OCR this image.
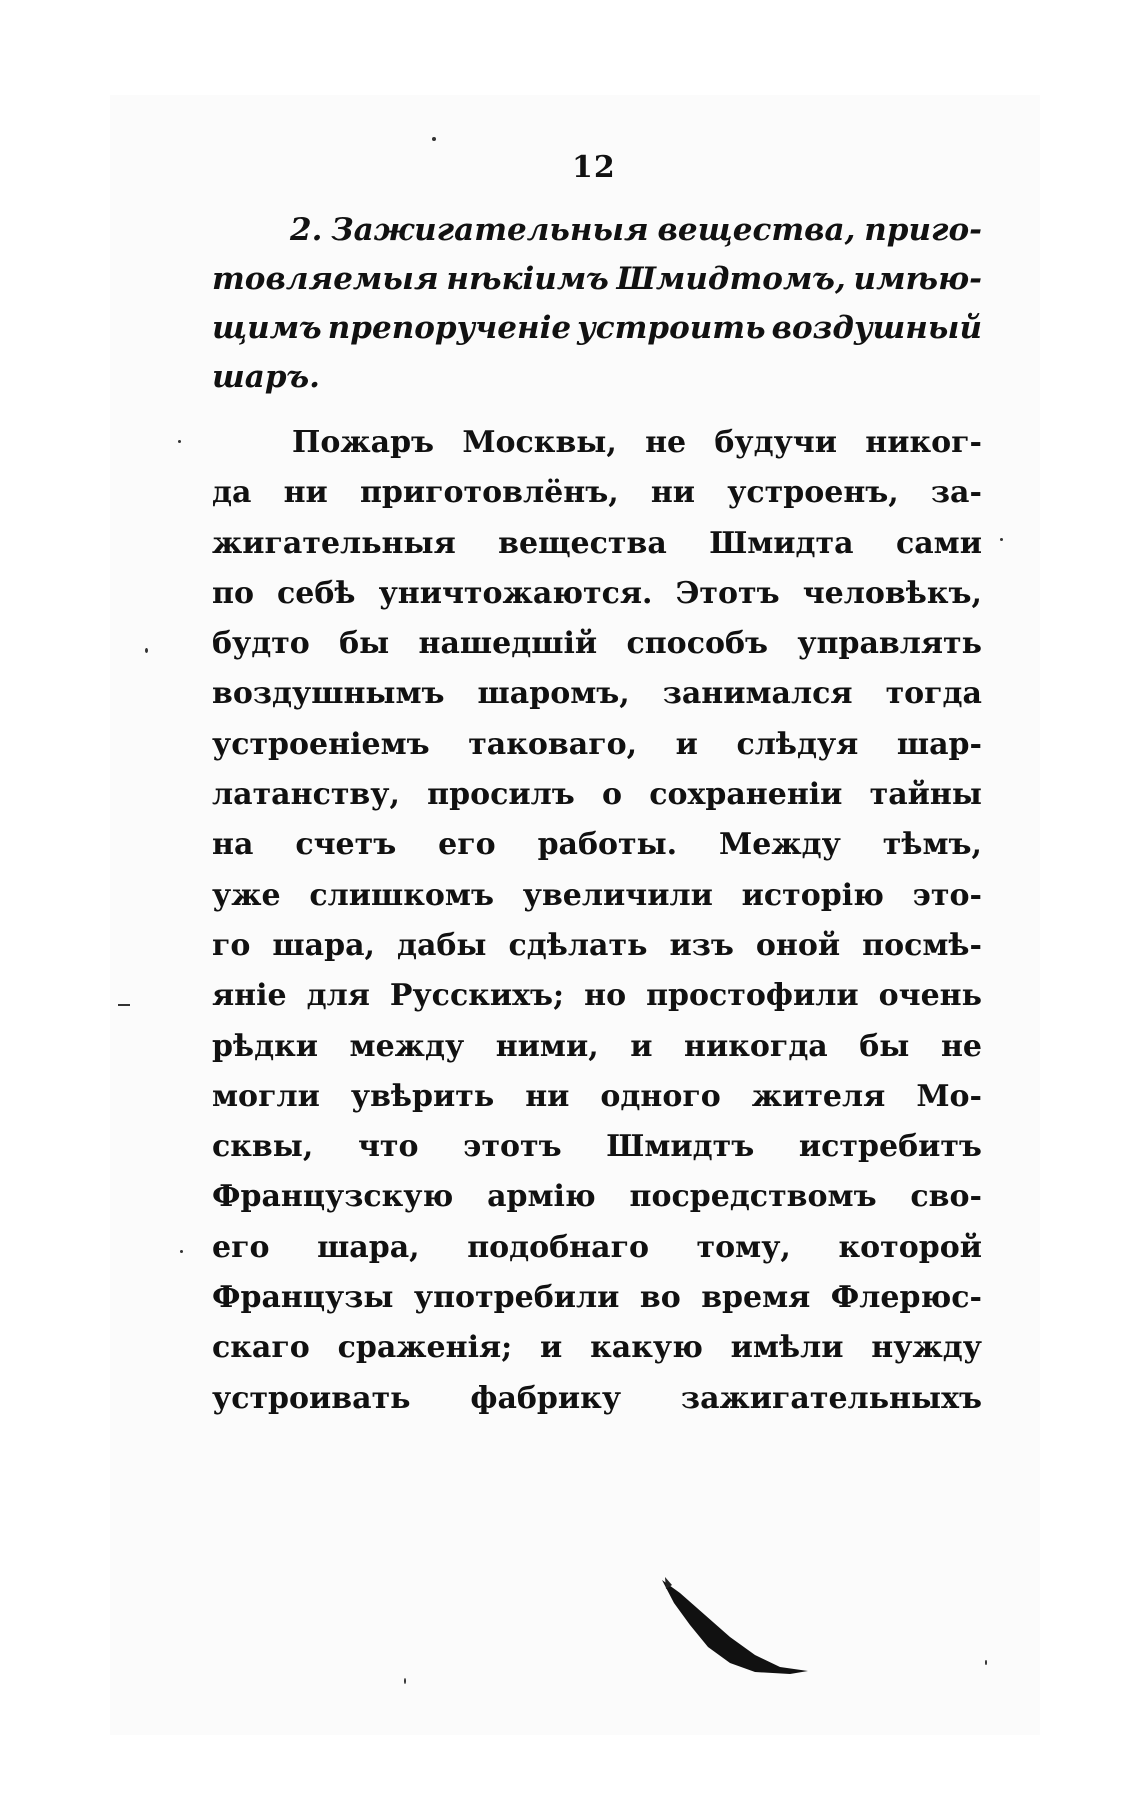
12
2. Зажигательныя вещества, приго-
товляемыя нѣкіимъ Шмидтомъ, имѣю-
щимъ препорученіе устроить воздушный
шаръ.
Пожаръ Москвы, не будучи никог-
да ни приготовлёнъ, ни устроенъ, за-
жигательныя вещества Шмидта сами
по себѣ уничтожаются. Этотъ человѣкъ,
будто бы нашедшій способъ управлять
воздушнымъ шаромъ, занимался тогда
устроеніемъ таковаго, и слѣдуя шар-
латанству, просилъ о сохраненіи тайны
на счетъ его работы. Между тѣмъ,
уже слишкомъ увеличили исторію это-
го шара, дабы сдѣлать изъ оной посмѣ-
яніе для Русскихъ; но простофили очень
рѣдки между ними, и никогда бы не
могли увѣрить ни одного жителя Мо-
сквы, что этотъ Шмидтъ истребитъ
Французскую армію посредствомъ сво-
его шара, подобнаго тому, которой
Французы употребили во время Флерюс-
скаго сраженія; и какую имѣли нужду
устроивать фабрику зажигательныхъ
